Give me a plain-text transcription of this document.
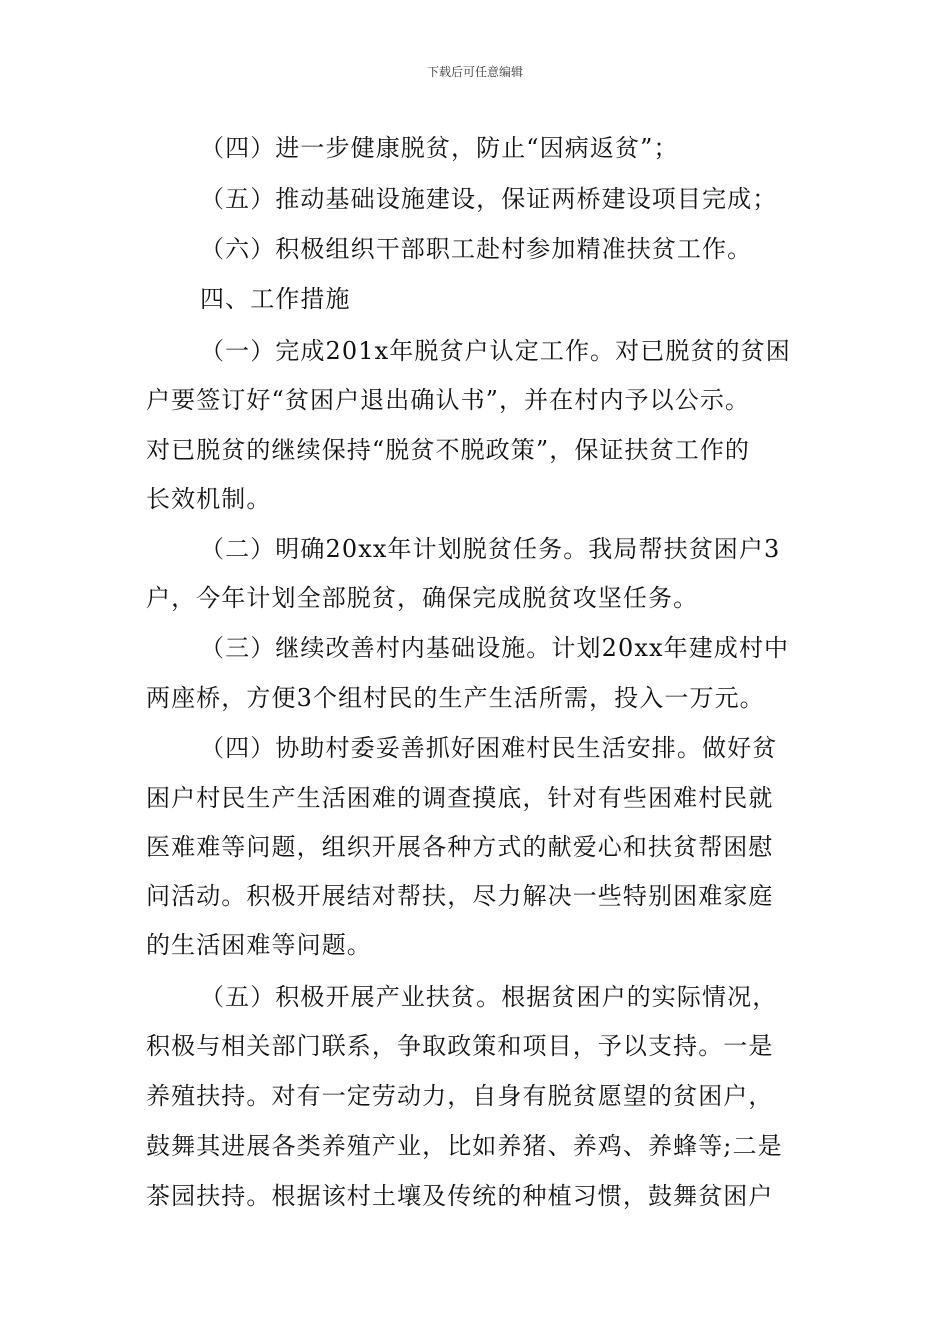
下载后可任意编辑
（四）进一步健康脱贫，防止“因病返贫”；
（五）推动基础设施建设，保证两桥建设项目完成；
（六）积极组织干部职工赴村参加精准扶贫工作。
四、工作措施
（一）完成201x年脱贫户认定工作。对已脱贫的贫困
户要签订好“贫困户退出确认书”，并在村内予以公示。
对已脱贫的继续保持“脱贫不脱政策”，保证扶贫工作的
长效机制。
（二）明确20xx年计划脱贫任务。我局帮扶贫困户3
户，今年计划全部脱贫，确保完成脱贫攻坚任务。
（三）继续改善村内基础设施。计划20xx年建成村中
两座桥，方便3个组村民的生产生活所需，投入一万元。
（四）协助村委妥善抓好困难村民生活安排。做好贫
困户村民生产生活困难的调查摸底，针对有些困难村民就
医难难等问题，组织开展各种方式的献爱心和扶贫帮困慰
问活动。积极开展结对帮扶，尽力解决一些特别困难家庭
的生活困难等问题。
（五）积极开展产业扶贫。根据贫困户的实际情况，
积极与相关部门联系，争取政策和项目，予以支持。一是
养殖扶持。对有一定劳动力，自身有脱贫愿望的贫困户，
鼓舞其进展各类养殖产业，比如养猪、养鸡、养蜂等;二是
茶园扶持。根据该村土壤及传统的种植习惯，鼓舞贫困户
